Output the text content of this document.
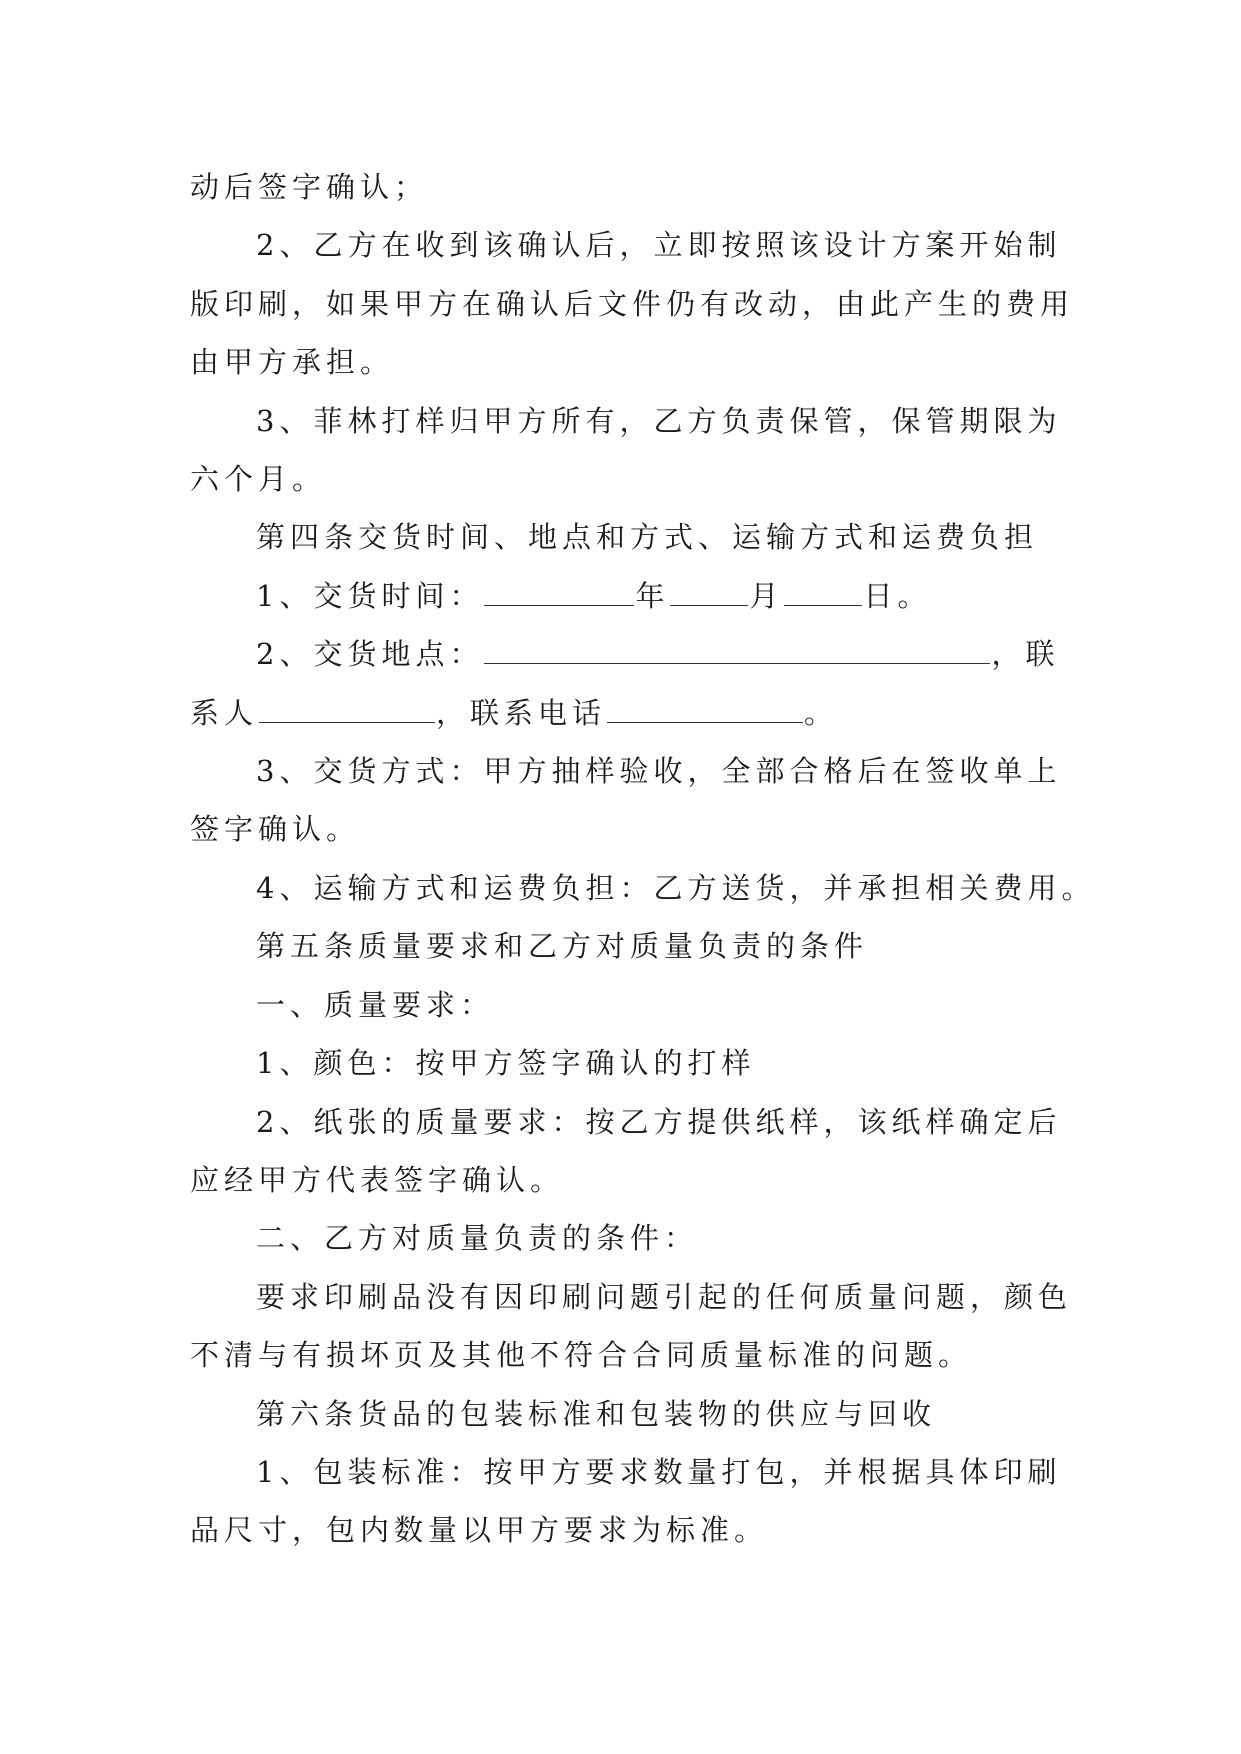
动后签字确认；

2、乙方在收到该确认后，立即按照该设计方案开始制

版印刷，如果甲方在确认后文件仍有改动，由此产生的费用

由甲方承担。

3、菲林打样归甲方所有，乙方负责保管，保管期限为

六个月。

第四条交货时间、地点和方式、运输方式和运费负担

1、交货时间：	年	月	日。

2、交货地点：	，联

系人	，联系电话	。

3、交货方式：甲方抽样验收，全部合格后在签收单上

签字确认。

4、运输方式和运费负担：乙方送货，并承担相关费用。

第五条质量要求和乙方对质量负责的条件

一、质量要求：

1、颜色：按甲方签字确认的打样

2、纸张的质量要求：按乙方提供纸样，该纸样确定后

应经甲方代表签字确认。

二、乙方对质量负责的条件：

要求印刷品没有因印刷问题引起的任何质量问题，颜色

不清与有损坏页及其他不符合合同质量标准的问题。

第六条货品的包装标准和包装物的供应与回收

1、包装标准：按甲方要求数量打包，并根据具体印刷

品尺寸，包内数量以甲方要求为标准。
